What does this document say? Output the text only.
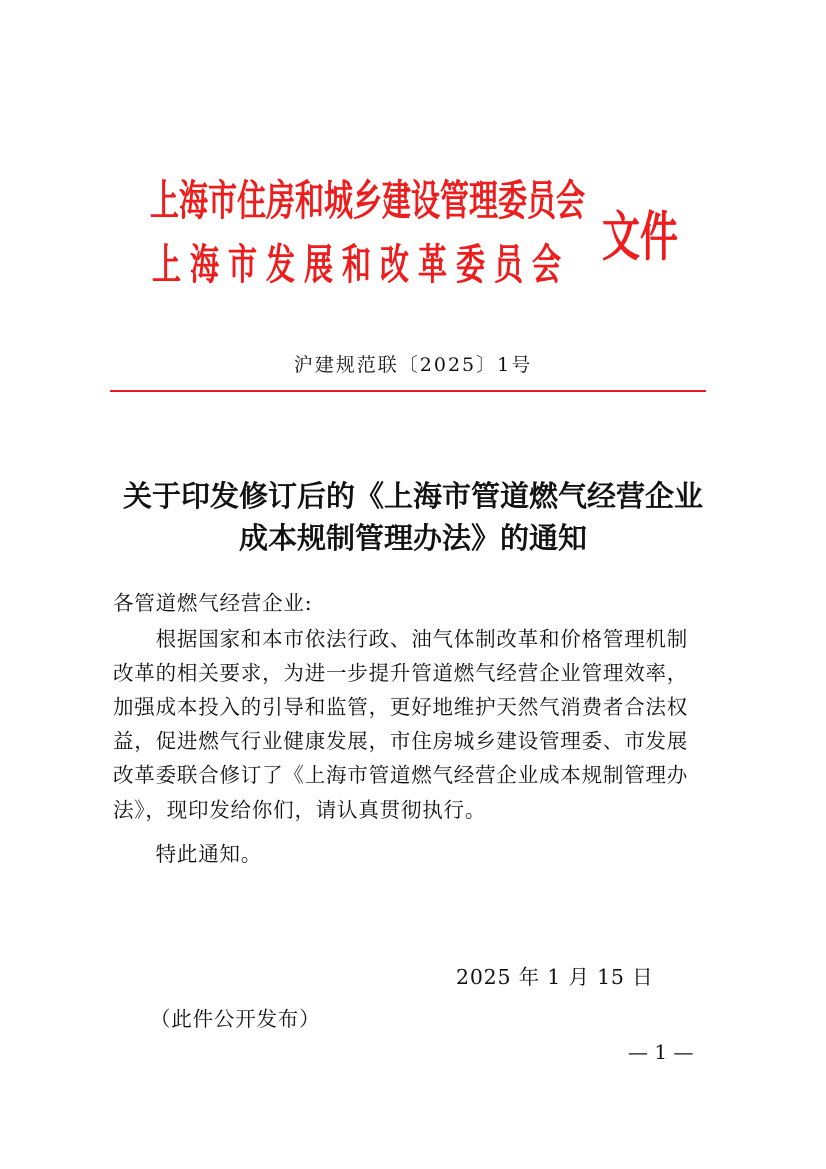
上海市住房和城乡建设管理委员会
上海市发展和改革委员会 文件
沪建规范联〔2025〕1号
关于印发修订后的《上海市管道燃气经营企业
成本规制管理办法》的通知
各管道燃气经营企业:
　　根据国家和本市依法行政、油气体制改革和价格管理机制
改革的相关要求，为进一步提升管道燃气经营企业管理效率，
加强成本投入的引导和监管，更好地维护天然气消费者合法权
益，促进燃气行业健康发展，市住房城乡建设管理委、市发展
改革委联合修订了《上海市管道燃气经营企业成本规制管理办
法》，现印发给你们，请认真贯彻执行。
　　特此通知。
2025 年 1 月 15 日
（此件公开发布）
— 1 —
